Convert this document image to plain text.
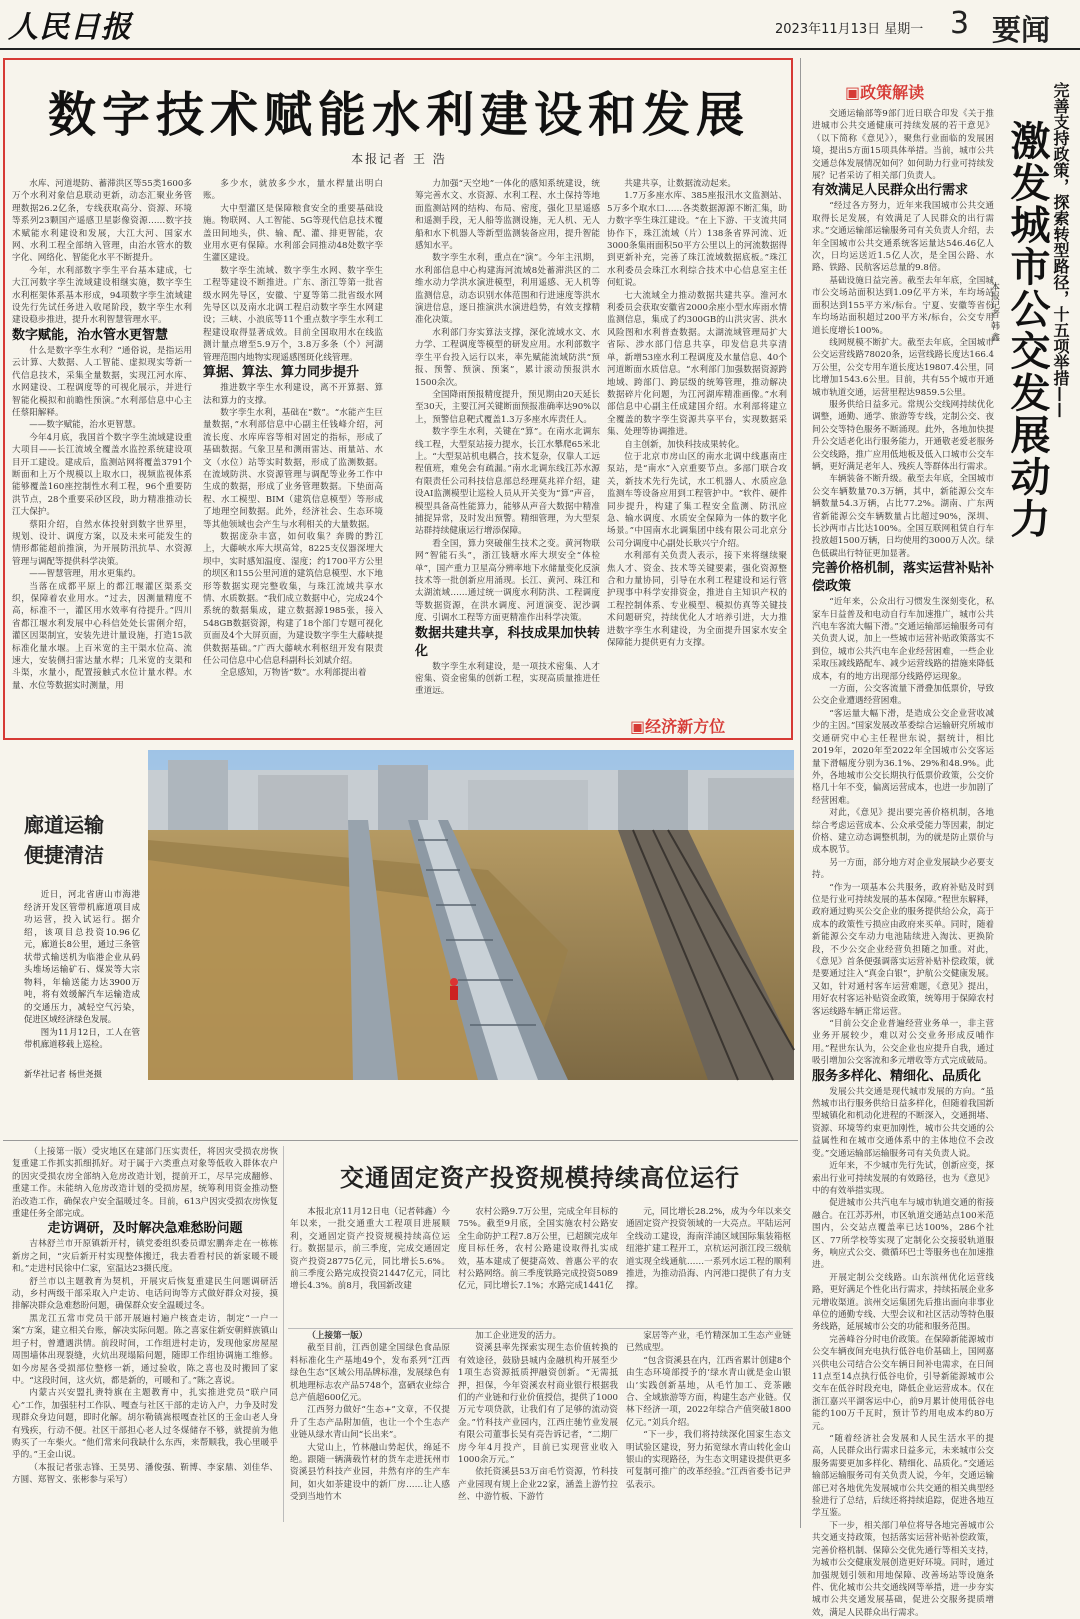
人民日报	2023年11月13日 星期一 3 要闻
数字技术赋能水利建设和发展
本报记者 王 浩

水库、河道堤防、蓄滞洪区等55类1600多万个水利对象信息联动更新，动态汇聚业务管理数据26.2亿条，专线获取高分、资源、环境等系列23颗国产遥感卫星影像资源……数字技术赋能水利建设和发展，大江大河、国家水网、水利工程全部纳入管理，由治水管水的数字化、网络化、智能化水平不断提升。

今年，水利部数字孪生平台基本建成，七大江河数字孪生流域建设相继实施，数字孪生水利框架体系基本形成，94项数字孪生流域建设先行先试任务进入收尾阶段，数字孪生水利建设稳步推进，提升水利智慧管理水平。

数字赋能，治水管水更智慧

什么是数字孪生水利？“通俗说，是指运用云计算、大数据、人工智能、虚拟现实等新一代信息技术，采集全量数据，实现江河水库、水网建设、工程调度等的可视化展示，并进行智能化模拟和前瞻性预演。”水利部信息中心主任蔡阳解释。

——数字赋能，治水更智慧。

今年4月底，我国首个数字孪生流域建设重大项目——长江流域全覆盖水监控系统建设项目开工建设。建成后，监测站网将覆盖3791个断面和上万个规模以上取水口，视频监视体系能够覆盖160座控制性水利工程，96个重要防洪节点，28个重要采砂区段，助力精准推动长江大保护。

蔡阳介绍，自然水体投射到数字世界里，规划、设计、调度方案，以及未来可能发生的情形都能超前推演，为开展防汛抗旱、水资源管理与调配等提供科学决策。

——智慧管理，用水更集约。

当落在成都平原上的都江堰灌区渠系交织，保障着农业用水。“过去，因测量精度不高，标准不一，灌区用水效率有待提升。”四川省都江堰水利发展中心科信处处长雷俐介绍，灌区因渠制宜，安装先进计量设施，打造15款标准化量水堰。上百米宽的主干渠水位高、流速大，安装侧扫雷达量水桿；几米宽的支渠和斗渠，水量小，配置接触式水位计量水桿。水量、水位等数据实时测量，用

多少水，就放多少水，量水桿量出明白账。

大中型灌区是保障粮食安全的重要基础设施。物联网、人工智能、5G等现代信息技术覆盖田间地头，供、输、配、灌、排更智能，农业用水更有保障。水利部会同推动48处数字孪生灌区建设。

数字孪生流域、数字孪生水网、数字孪生工程等建设不断推进。广东、浙江等第一批省级水网先导区，安徽、宁夏等第二批省级水网先导区以及南水北调工程启动数字孪生水网建设；三峡、小浪底等11个重点数字孪生水利工程建设取得显著成效。目前全国取用水在线监测计量点增至5.9万个，3.8万多条（个）河湖管理范围内地物实现遥感图斑化线管理。

算据、算法、算力同步提升

推进数字孪生水利建设，离不开算据、算法和算力的支撑。

数字孪生水利，基础在“数”。“水能产生巨量数据，”水利部信息中心副主任钱峰介绍，河流长度、水库库容等相对固定的指标，形成了基础数据。气象卫星和测雨雷达、雨量站、水文（水位）站等实时数据，形成了监测数据。在流域防洪、水资源管理与调配等业务工作中生成的数据，形成了业务管理数据。下垫面高程、水工模型、BIM（建筑信息模型）等形成了地理空间数据。此外，经济社会、生态环境等其他领域也会产生与水利相关的大量数据。

数据庞杂丰富，如何收集？奔腾的黔江上，大藤峡水库大坝高耸，8225支仪器深埋大坝中，实时感知温度、湿度；约1700平方公里的坝区和155公里河道的建筑信息模型、水下地形等数据实现完整收集，与珠江流域共享水情、水质数据。“我们成立数据中心，完成24个系统的数据集成，建立数据源1985张，接入548GB数据资源，构建了18个部门专题可视化页面及4个大屏页面，为建设数字孪生大藤峡提供数据基础。”广西大藤峡水利枢纽开发有限责任公司信息中心信息科副科长刘斌介绍。

全息感知，万物皆“数”。水利部提出着

力加强“天空地”一体化的感知系统建设，统筹完善水文、水资源、水利工程、水土保持等地面监测站网的结构、布局、密度，强化卫星遥感和遥测手段，无人船等监测设施，无人机、无人船和水下机器人等新型监测装备应用，提升智能感知水平。

数字孪生水利，重点在“演”。今年主汛期，水利部信息中心构建海河流域8处蓄滞洪区的二维水动力学洪水演进模型，利用遥感、无人机等监测信息，动态识别水体范围和行进速度等洪水演进信息，逐日推演洪水演进趋势，有效支撑精准化决策。

水利部门夯实算法支撑，深化流域水文、水力学、工程调度等模型的研发应用。水利部数字孪生平台投入运行以来，率先赋能流域防洪“预报、预警、预演、预案”，累计滚动预报洪水1500余次。

全国降雨预报精度提升，预见期由20天延长至30天，主要江河关键断面预报准确率达90%以上，预警信息靶式覆盖1.3万多座水库责任人。

数字孪生水利，关键在“算”。在南水北调东线工程，大型泵站接力提水，长江水攀爬65米北上。“大型泵站机电耦合，技术复杂，仅靠人工远程值班，难免会有疏漏。”南水北调东线江苏水源有限责任公司科技信息部总经理莫兆祥介绍，建设AI监测模型让巡检人员从开关变为“算”声音，模型具备高性能算力，能够从声音大数据中精准捕捉异常，及时发出预警。精细管理，为大型泵站群持续健康运行增添保障。

看全国，算力突破催生技术之变。黄河物联网“智能石头”，浙江钱塘水库大坝安全“体检单”，国产重力卫星高分辨率地下水储量变化反演技术等一批创新应用涌现。长江、黄河、珠江和太湖流域……通过统一调度水利防洪、工程调度等数据资源，在洪水调度、河道演变、泥沙调度、引调水工程等方面更精准作出科学决策。

数据共建共享，科技成果加快转化

数字孪生水利建设，是一项技术密集、人才密集、资金密集的创新工程，实现高质量推进任重道远。

共建共享，让数据流动起来。

1.7万多座水库、385座报汛水文监测站、5万多个取水口……各类数据源源不断汇集，助力数字孪生珠江建设。“在上下游、干支流共同协作下，珠江流域（片）138条省界河流、近3000条集雨面积50平方公里以上的河流数据得到更新补充，完善了珠江流域数据底板。”珠江水利委员会珠江水利综合技术中心信息室主任何虹说。

七大流域全力推动数据共建共享。淮河水利委员会获取安徽省2000余座小型水库雨水情监测信息，集成了约300GB的山洪灾害、洪水风险图和水利普查数据。太湖流域管理局扩大省际、涉水部门信息共享，印发信息共享清单，新增53座水利工程调度及水量信息、40个河道断面水质信息。“水利部门加强数据资源跨地域、跨部门、跨层级的统筹管理，推动解决数据碎片化问题，为江河湖库精准画像。”水利部信息中心副主任成建国介绍。水利部将建立全覆盖的数字孪生资源共享平台，实现数据采集、处理等协调推进。

自主创新，加快科技成果转化。

位于北京市房山区的南水北调中线惠南庄泵站，是“南水”入京重要节点。多部门联合攻关，新技术先行先试，水工机器人、水质应急监测车等设备应用到工程管护中。“软件、硬件同步提升，构建了集工程安全监测、防汛应急、输水调度、水质安全保障为一体的数字化场景。”中国南水北调集团中线有限公司北京分公司分调度中心副处长耿兴宁介绍。

水利部有关负责人表示，接下来将继续聚焦人才、资金、技术等关键要素，强化资源整合和力量协同，引导在水利工程建设和运行管护现事中科学安排资金，推进自主知识产权的工程控制体系、专业模型、模拟仿真等关键技术问题研究，持续优化人才培养引进，大力推进数字孪生水利建设，为全面提升国家水安全保障能力提供更有力支撑。

▣经济新方位
▣政策解读	完善支持政策，探索转型路径，十五项举措——
激发城市公交发展动力
本报记者 韩 鑫

交通运输部等9部门近日联合印发《关于推进城市公共交通健康可持续发展的若干意见》（以下简称《意见》），聚焦行业面临的发展困境，提出5方面15项具体举措。当前，城市公共交通总体发展情况如何？如何助力行业可持续发展？记者采访了相关部门负责人。

有效满足人民群众出行需求

“经过各方努力，近年来我国城市公共交通取得长足发展，有效满足了人民群众的出行需求。”交通运输部运输服务司有关负责人介绍，去年全国城市公共交通系统客运量达546.46亿人次，日均运送近1.5亿人次，是全国公路、水路、铁路、民航客运总量的9.8倍。

基础设施日益完善。截至去年年底，全国城市公交场站面积达到1.09亿平方米，车均场站面积达到155平方米/标台。宁夏、安徽等省份车均场站面积超过200平方米/标台，公交专用道长度增长100%。

线网规模不断扩大。截至去年底，全国城市公交运营线路78020条，运营线路长度达166.4万公里，公交专用车道长度达19807.4公里，同比增加1543.6公里。目前，共有55个城市开通城市轨道交通，运营里程达9859.5公里。

服务供给日益多元。常规公交线网持续优化调整，通勤、通学、旅游等专线，定制公交、夜间公交等特色服务不断涌现。此外，各地加快提升公交适老化出行服务能力，开通敬老爱老服务公交线路，推广应用低地板及低入口城市公交车辆，更好满足老年人、残疾人等群体出行需求。

车辆装备不断升级。截至去年底，全国城市公交车辆数量70.3万辆，其中，新能源公交车辆数量54.3万辆，占比77.2%。湖南、广东两省新能源公交车辆数量占比超过90%，深圳、长沙两市占比达100%。全国互联网租赁自行车投放超1500万辆，日均使用约3000万人次。绿色低碳出行特征更加显著。

完善价格机制，落实运营补贴补偿政策

“近年来，公众出行习惯发生深刻变化，私家车日益普及和电动自行车加速推广，城市公共汽电车客流大幅下滑。”交通运输部运输服务司有关负责人说，加上一些城市运营补贴政策落实不到位，城市公共汽电车企业经营困难，一些企业采取压减线路配车、减少运营线路的措施来降低成本，有的地方出现部分线路停运现象。

一方面，公交客流量下滑叠加低票价，导致公交企业遭遇经营困难。

“客运量大幅下滑，是造成公交企业营收减少的主因。”国家发展改革委综合运输研究所城市交通研究中心主任程世东说，据统计，相比2019年，2020年至2022年全国城市公交客运量下滑幅度分别为36.1%、29%和48.9%。此外，各地城市公交长期执行低票价政策，公交价格几十年不变，偏离运营成本，也进一步加剧了经营困难。

对此，《意见》提出要完善价格机制，各地综合考虑运营成本、公众承受能力等因素，制定价格、建立动态调整机制，为的就是防止票价与成本脱节。

另一方面，部分地方对企业发展缺少必要支持。

“作为一项基本公共服务，政府补贴及时到位是行业可持续发展的基本保障。”程世东解释，政府通过购买公交企业的服务提供给公众，高于成本的政策性亏损应由政府来买单。同时，随着新能源公交车动力电池陆续进入淘汰、更换阶段，不少公交企业经营负担随之加重。对此，《意见》首条便强调落实运营补贴补偿政策，就是要通过注入“真金白银”，护航公交健康发展。又如，针对通村客车运营难题，《意见》提出，用好农村客运补贴资金政策，统筹用于保障农村客运线路车辆正常运营。

“目前公交企业普遍经营业务单一，非主营业务开展较少，难以对公交业务形成反哺作用。”程世东认为，公交企业也应提升自我，通过吸引增加公交客流和多元增收等方式完成破局。

服务多样化、精细化、品质化

发展公共交通是现代城市发展的方向。“虽然城市出行服务供给日益多样化，但随着我国新型城镇化和机动化进程的不断深入，交通拥堵、资源、环境等约束更加刚性，城市公共交通的公益属性和在城市交通体系中的主体地位不会改变。”交通运输部运输服务司有关负责人说。

近年来，不少城市先行先试，创新应变，探索出行业可持续发展的有效路径，也为《意见》中的有效举措实现。

促进城市公共汽电车与城市轨道交通的衔接融合。在江苏苏州，市区轨道交通站点100米范围内，公交站点覆盖率已达100%，286个社区、77所学校等实现了定制化公交接驳轨道服务，响应式公交、微循环巴士等服务也在加速推进。

开展定制公交线路。山东滨州优化运营线路，更好满足个性化出行需求，持续拓展企业多元增收渠道。滨州交运集团先后推出面向非事业单位的通勤专线、大型会议和社区活动等特色服务线路，延展城市公交的功能和服务范围。

完善峰谷分时电价政策。在保障新能源城市公交车辆夜间充电执行低谷电价基础上，国网嘉兴供电公司结合公交车辆日间补电需求，在日间11点至14点执行低谷电价，引导新能源城市公交车在低谷时段充电，降低企业运营成本。仅在浙江嘉兴平湖客运中心，前9月累计使用低谷电能约100万千瓦时，预计节约用电成本约80万元。

“随着经济社会发展和人民生活水平的提高，人民群众出行需求日益多元，未来城市公交服务需要更加多样化、精细化、品质化。”交通运输部运输服务司有关负责人说，今年，交通运输部已对各地优先发展城市公共交通的相关典型经验进行了总结，后续还将持续追踪，促进各地互学互鉴。

下一步，相关部门单位将导各地完善城市公共交通支持政策，包括落实运营补贴补偿政策，完善价格机制、保障公交优先通行等相关支持，为城市公交健康发展创造更好环境。同时，通过加强规划引领和用地保障、改善场站等设施条件、优化城市公共交通线网等举措，进一步夯实城市公共交通发展基础，促进公交服务提质增效，满足人民群众出行需求。

廊道运输
便捷清洁
近日，河北省唐山市海港经济开发区管带机廊道项目成功运营，投入试运行。据介绍，该项目总投资10.96亿元，廊道长8公里，通过三条管状带式输送机为临港企业从码头堆场运输矿石、煤炭等大宗物料，年输送能力达3900万吨，将有效缓解汽车运输造成的交通压力，减轻空气污染，促进区域经济绿色发展。
图为11月12日，工人在管带机廊道移载上巡检。
新华社记者 杨世尧摄

（上接第一版）受灾地区在建部门压实责任，将因灾受损农房恢复重建工作抓实抓细抓好。对于属于六类重点对象等低收入群体农户的因灾受损农房全部纳入危房改造计划，提前开工，尽早完成翻修、重建工作。未能纳入危房改造计划的受损房屋，统筹利用资金推动整治改造工作，确保农户安全温暖过冬。目前，613户因灾受损农房恢复重建任务全部完成。

走访调研，及时解决急难愁盼问题

吉林舒兰市开原镇新开村，镇党委组织委员谭宏鹏奔走在一栋栋新房之间，“灾后新开村实现整体搬迁，我去看看村民的新家暖不暖和。”走进村民徐中仁家，室温达23摄氏度。

舒兰市以主题教育为契机，开展灾后恢复重建民生问题调研活动，乡村两级干部采取入户走访、电话问询等方式做好群众对接，摸排解决群众急难愁盼问题，确保群众安全温暖过冬。

黑龙江五常市党员干部开展遍村遍户核查走访，制定“一户一案”方案，建立相关台账，解决实际问题。陈之喜家住新安朝鲜族镇山坦子村，曾遭遇洪情。前段时间，工作组进村走访，发现他家房屋屋周围墙体出现裂缝，火炕出现塌陷问题，随即工作组协调施工维修。如今房屋各受损部位整修一新，通过验收，陈之喜也及时搬回了家中。“这段时间，这火炕，都是新的，可暖和了。”陈之喜说。

内蒙古兴安盟扎赉特旗在主题教育中，扎实推进党员“联户同心”工作，加强驻村工作队、嘎查与社区干部的走访入户，力争及时发现群众身边问题，即时化解。胡尔勒镇嵩根嘎查社区的王金山老人身有残疾，行动不便。社区干部担心老人过冬煤储存不够，就提前为他购买了一车柴火。“他们常来问我缺什么东西，来帮顺我，我心里暖乎乎的。”王金山说。

（本报记者张志锋、王昊男、潘俊强、靳博、李家鼎、刘佳华、方圆、郑智文、张彬参与采写）

交通固定资产投资规模持续高位运行

本报北京11月12日电（记者韩鑫）今年以来，一批交通重大工程项目进展顺利，交通固定资产投资规模持续高位运行。数据显示，前三季度，完成交通固定资产投资28775亿元，同比增长5.6%。前三季度公路完成投资21447亿元，同比增长4.3%。前8月，我国新改建

农村公路9.7万公里，完成全年目标的75%。截至9月底，全国实施农村公路安全生命防护工程7.8万公里，已超额完成年度目标任务，农村公路建设取得扎实成效，基本建成了便捷高效、普惠公平的农村公路网络。前三季度铁路完成投资5089亿元，同比增长7.1%；水路完成1441亿

元，同比增长28.2%，成为今年以来交通固定资产投资领域的一大亮点。平陆运河全线动工建设，海南洋浦区域国际集装箱枢纽港扩建工程开工，京杭运河浙江段三级航道实现全线通航……一系列水运工程的顺利推进，为推动沿海、内河港口提供了有力支撑。

（上接第一版）

截至目前，江西创建全国绿色食品原料标准化生产基地49个，发布系列“江西绿色生态”区域公用品牌标准，发展绿色有机地理标志农产品5748个，富硒农业综合总产值超600亿元。

江西努力做好“生态+”文章，不仅提升了生态产品附加值，也让一个个生态产业链从绿水青山间“长出来”。

大觉山上，竹林融山势起伏，绵延不绝。跟随一辆满载竹材的货车走进抚州市资溪县竹科技产业园，井然有序的生产车间，如火如荼建设中的新厂房……让人感受到当地竹木

加工企业迸发的活力。

资溪县率先探索实现生态价值转换的有效途径，鼓励县城内金融机构开展至少1项生态资源抵质押融资创新。“无需抵押，担保，今年资溪农村商业银行根据我们的产业链和行业价值授信，提供了1000万元专项贷款，让我们有了足够的流动资金。”竹科技产业园内，江西庄驰竹业发展有限公司董事长吴有亮告诉记者，“二期厂房今年4月投产，目前已实现营业收入1000余万元。”

依托资溪县53万亩毛竹资源，竹科技产业园现有规上企业22家，涵盖上游竹拉丝、中游竹板、下游竹

家居等产业，毛竹精深加工生态产业链已然成型。

“包含资溪县在内，江西省累计创建8个由生态环境部授予的‘绿水青山就是金山银山’实践创新基地，从毛竹加工、竞茶融合、全域旅游等方面，构建生态产业链。仅林下经济一项，2022年综合产值突破1800亿元。”刘兵介绍。

“下一步，我们将持续深化国家生态文明试验区建设，努力拓宽绿水青山转化金山银山的实现路径，为生态文明建设提供更多可复制可推广的改革经验。”江西省委书记尹弘表示。
